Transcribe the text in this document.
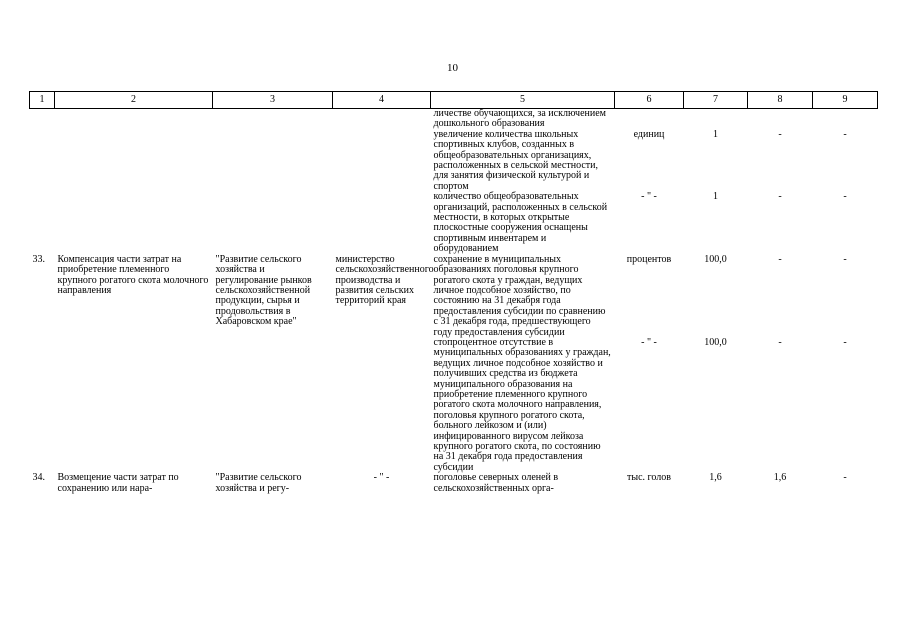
10
1	2	3	4	5	6	7	8	9
				личестве обучающихся, за исключением дошкольного образования				
				увеличение количества школьных спортивных клубов, созданных в общеобразовательных организациях, расположенных в сельской местности, для занятия физической культурой и спортом	единиц	1	-	-
				количество общеобразовательных организаций, расположенных в сельской местности, в которых открытые плоскостные сооружения оснащены спортивным инвентарем и оборудованием	- " -	1	-	-
33.	Компенсация части затрат на приобретение племенного крупного рогатого скота молочного направления	"Развитие сельского хозяйства и регулирование рынков сельскохозяйственной продукции, сырья и продовольствия в Хабаровском крае"	министерство сельскохозяйственного производства и развития сельских территорий края	сохранение в муниципальных образованиях поголовья крупного рогатого скота у граждан, ведущих личное подсобное хозяйство, по состоянию на 31 декабря года предоставления субсидии по сравнению с 31 декабря года, предшествующего году предоставления субсидии	процентов	100,0	-	-
				стопроцентное отсутствие в муниципальных образованиях у граждан, ведущих личное подсобное хозяйство и получивших средства из бюджета муниципального образования на приобретение племенного крупного рогатого скота молочного направления, поголовья крупного рогатого скота, больного лейкозом и (или) инфицированного вирусом лейкоза крупного рогатого скота, по состоянию на 31 декабря года предоставления субсидии	- " -	100,0	-	-
34.	Возмещение части затрат по сохранению или нара-	"Развитие сельского хозяйства и регу-	- " -	поголовье северных оленей в сельскохозяйственных орга-	тыс. голов	1,6	1,6	-
